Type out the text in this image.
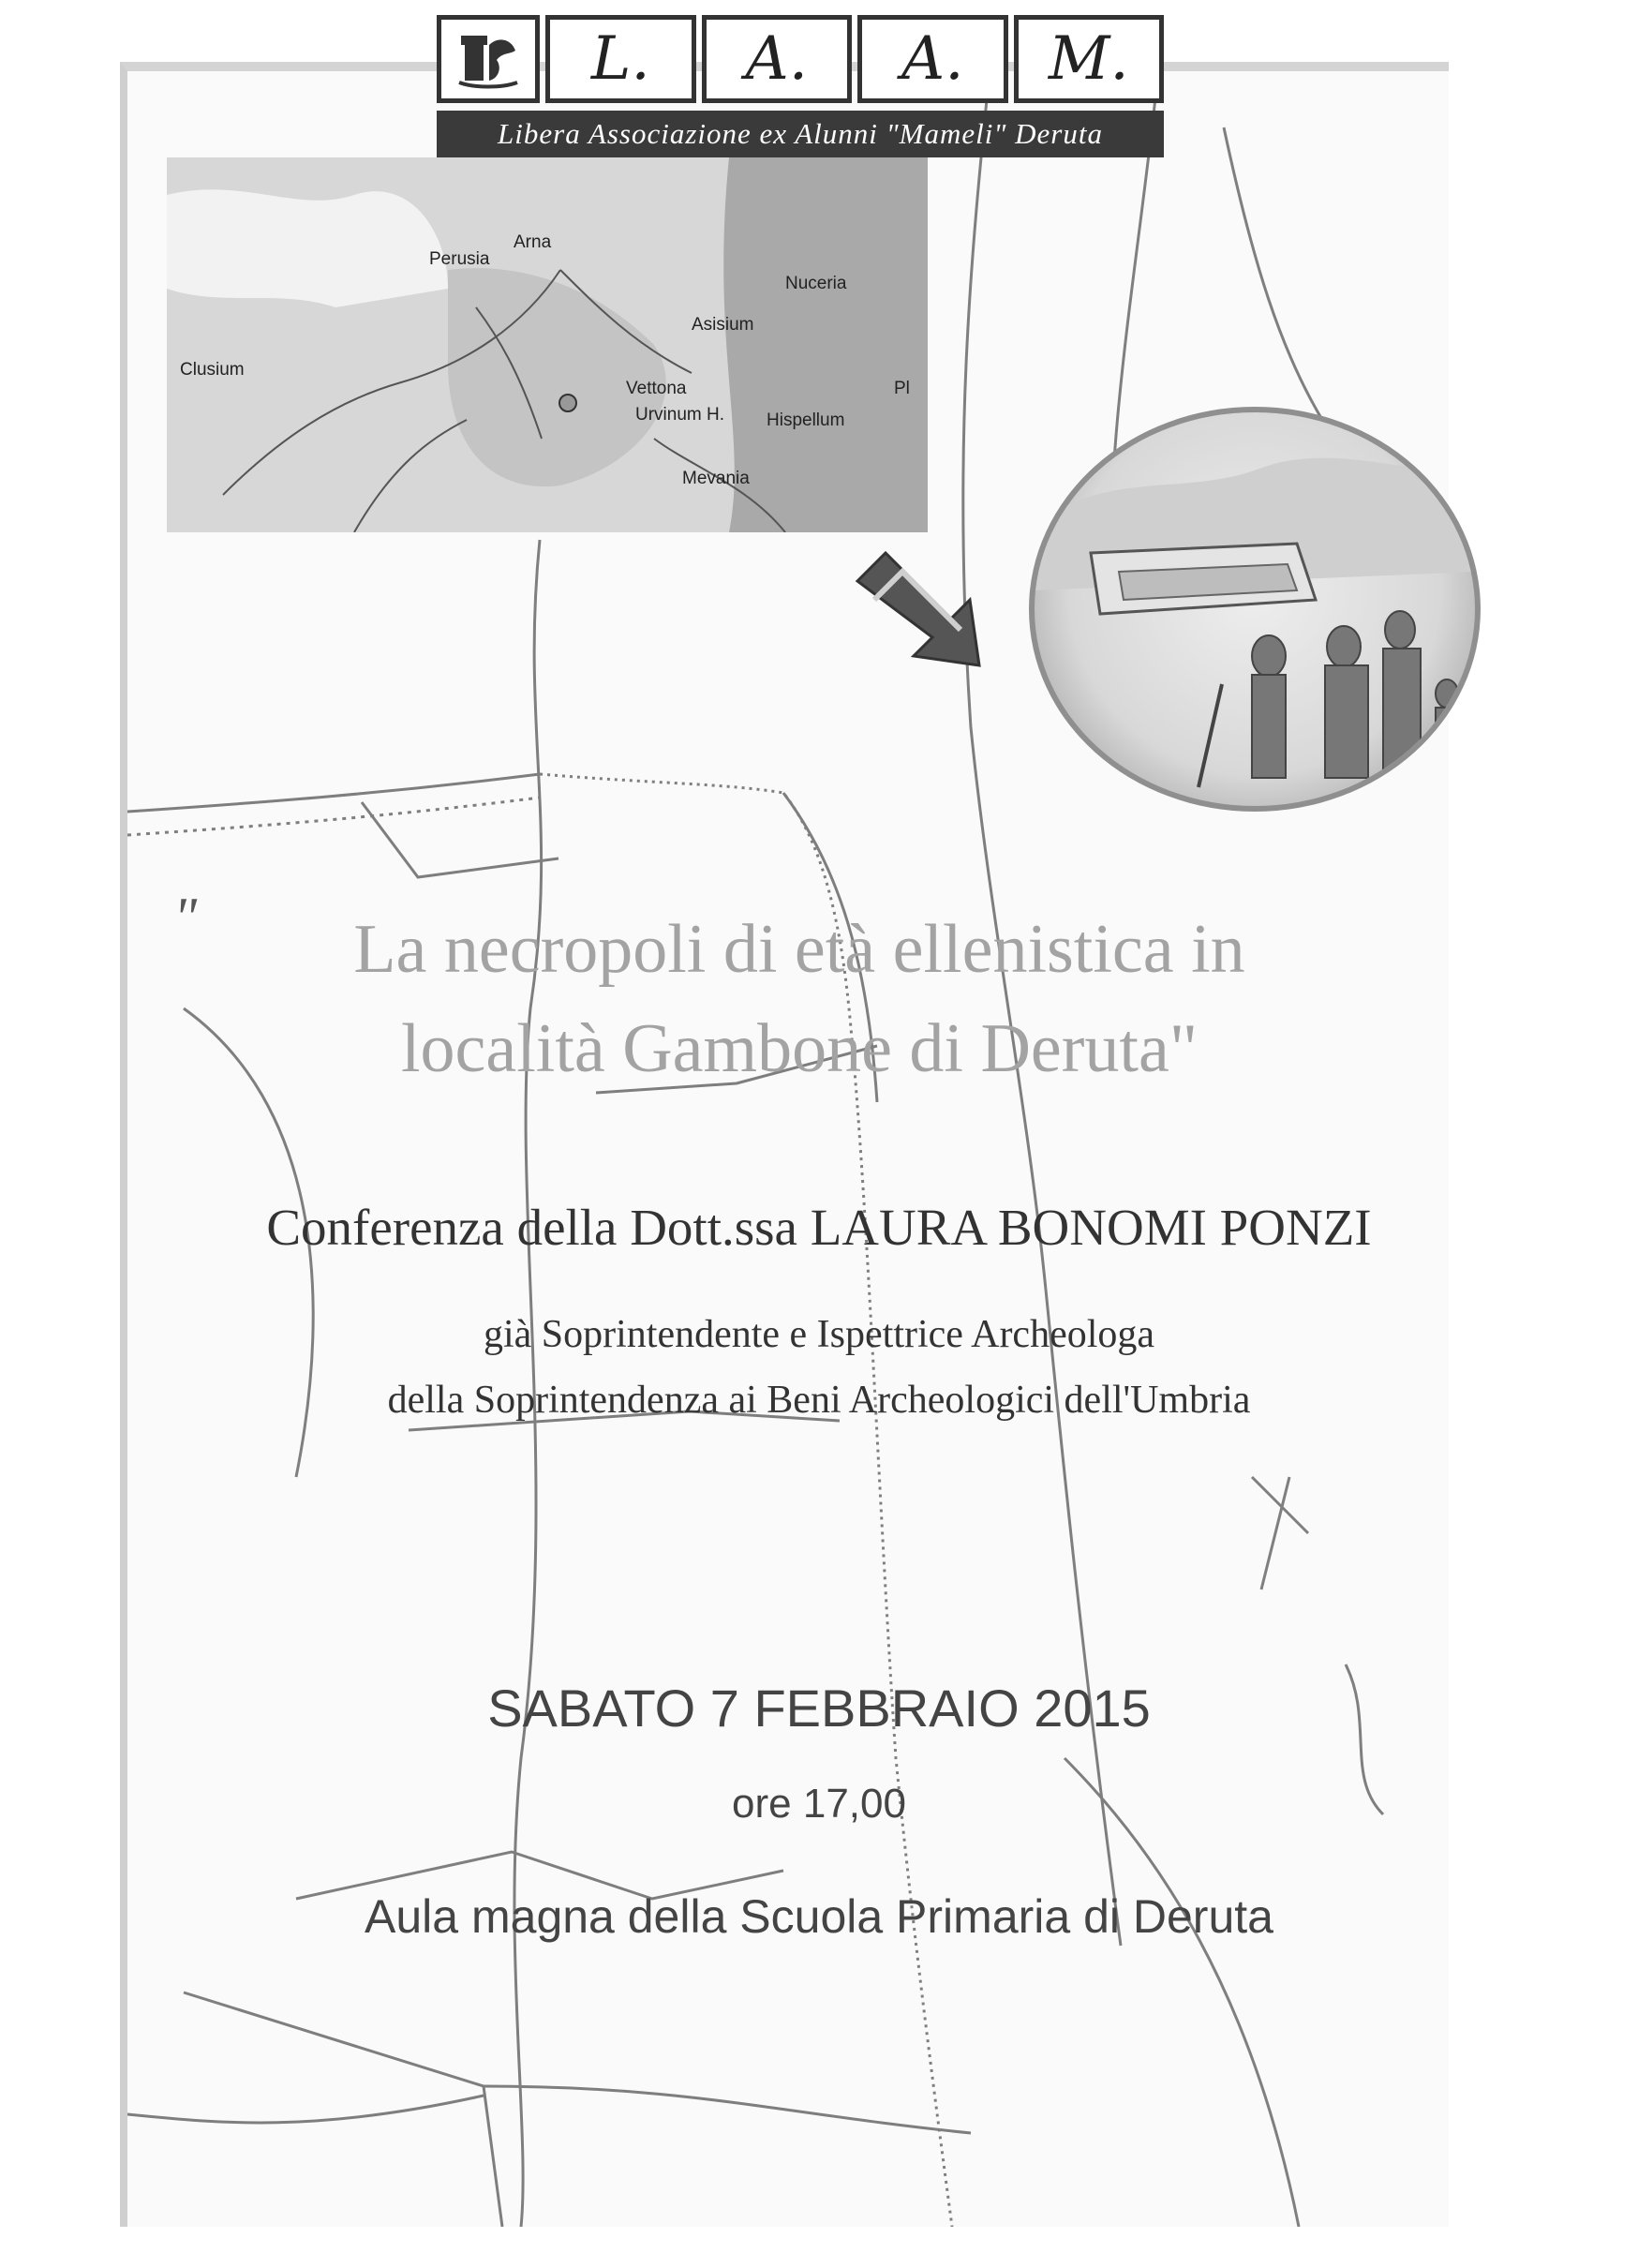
Perusia
Arna
Nuceria
Clusium
Asisium
Vettona
Urvinum H. Hispellum
Mevania
Pl
L.	A.	A.	M.
Libera Associazione ex Alunni "Mameli" Deruta
"	La necropoli di età ellenistica in
località Gambone di Deruta"
Conferenza della Dott.ssa LAURA BONOMI PONZI
già Soprintendente e Ispettrice Archeologa
della Soprintendenza ai Beni Archeologici dell'Umbria
SABATO 7 FEBBRAIO 2015
ore 17,00
Aula magna della Scuola Primaria di Deruta
